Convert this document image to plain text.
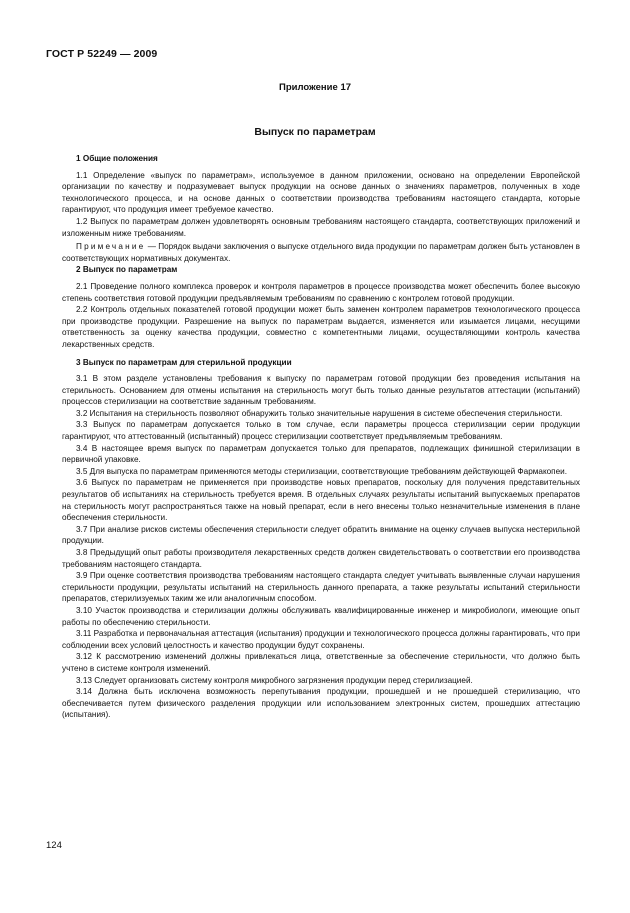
ГОСТ Р 52249 — 2009
Приложение 17
Выпуск по параметрам
1 Общие положения

1.1 Определение «выпуск по параметрам», используемое в данном приложении, основано на определении Европейской организации по качеству и подразумевает выпуск продукции на основе данных о значениях параметров, полученных в ходе технологического процесса, и на основе данных о соответствии производства требованиям настоящего стандарта, которые гарантируют, что продукция имеет требуемое качество.

1.2 Выпуск по параметрам должен удовлетворять основным требованиям настоящего стандарта, соответствующих приложений и изложенным ниже требованиям.

Примечание — Порядок выдачи заключения о выпуске отдельного вида продукции по параметрам должен быть установлен в соответствующих нормативных документах.

2 Выпуск по параметрам

2.1 Проведение полного комплекса проверок и контроля параметров в процессе производства может обеспечить более высокую степень соответствия готовой продукции предъявляемым требованиям по сравнению с контролем готовой продукции.

2.2 Контроль отдельных показателей готовой продукции может быть заменен контролем параметров технологического процесса при производстве продукции. Разрешение на выпуск по параметрам выдается, изменяется или изымается лицами, несущими ответственность за оценку качества продукции, совместно с компетентными лицами, осуществляющими контроль качества лекарственных средств.

3 Выпуск по параметрам для стерильной продукции

3.1 В этом разделе установлены требования к выпуску по параметрам готовой продукции без проведения испытания на стерильность. Основанием для отмены испытания на стерильность могут быть только данные результатов аттестации (испытаний) процессов стерилизации на соответствие заданным требованиям.

3.2 Испытания на стерильность позволяют обнаружить только значительные нарушения в системе обеспечения стерильности.

3.3 Выпуск по параметрам допускается только в том случае, если параметры процесса стерилизации серии продукции гарантируют, что аттестованный (испытанный) процесс стерилизации соответствует предъявляемым требованиям.

3.4 В настоящее время выпуск по параметрам допускается только для препаратов, подлежащих финишной стерилизации в первичной упаковке.

3.5 Для выпуска по параметрам применяются методы стерилизации, соответствующие требованиям действующей Фармакопеи.

3.6 Выпуск по параметрам не применяется при производстве новых препаратов, поскольку для получения представительных результатов об испытаниях на стерильность требуется время. В отдельных случаях результаты испытаний выпускаемых препаратов на стерильность могут распространяться также на новый препарат, если в него внесены только незначительные изменения в плане обеспечения стерильности.

3.7 При анализе рисков системы обеспечения стерильности следует обратить внимание на оценку случаев выпуска нестерильной продукции.

3.8 Предыдущий опыт работы производителя лекарственных средств должен свидетельствовать о соответствии его производства требованиям настоящего стандарта.

3.9 При оценке соответствия производства требованиям настоящего стандарта следует учитывать выявленные случаи нарушения стерильности продукции, результаты испытаний на стерильность данного препарата, а также результаты испытаний стерильности препаратов, стерилизуемых таким же или аналогичным способом.

3.10 Участок производства и стерилизации должны обслуживать квалифицированные инженер и микробиологи, имеющие опыт работы по обеспечению стерильности.

3.11 Разработка и первоначальная аттестация (испытания) продукции и технологического процесса должны гарантировать, что при соблюдении всех условий целостность и качество продукции будут сохранены.

3.12 К рассмотрению изменений должны привлекаться лица, ответственные за обеспечение стерильности, что должно быть учтено в системе контроля изменений.

3.13 Следует организовать систему контроля микробного загрязнения продукции перед стерилизацией.

3.14 Должна быть исключена возможность перепутывания продукции, прошедшей и не прошедшей стерилизацию, что обеспечивается путем физического разделения продукции или использованием электронных систем, прошедших аттестацию (испытания).

124
